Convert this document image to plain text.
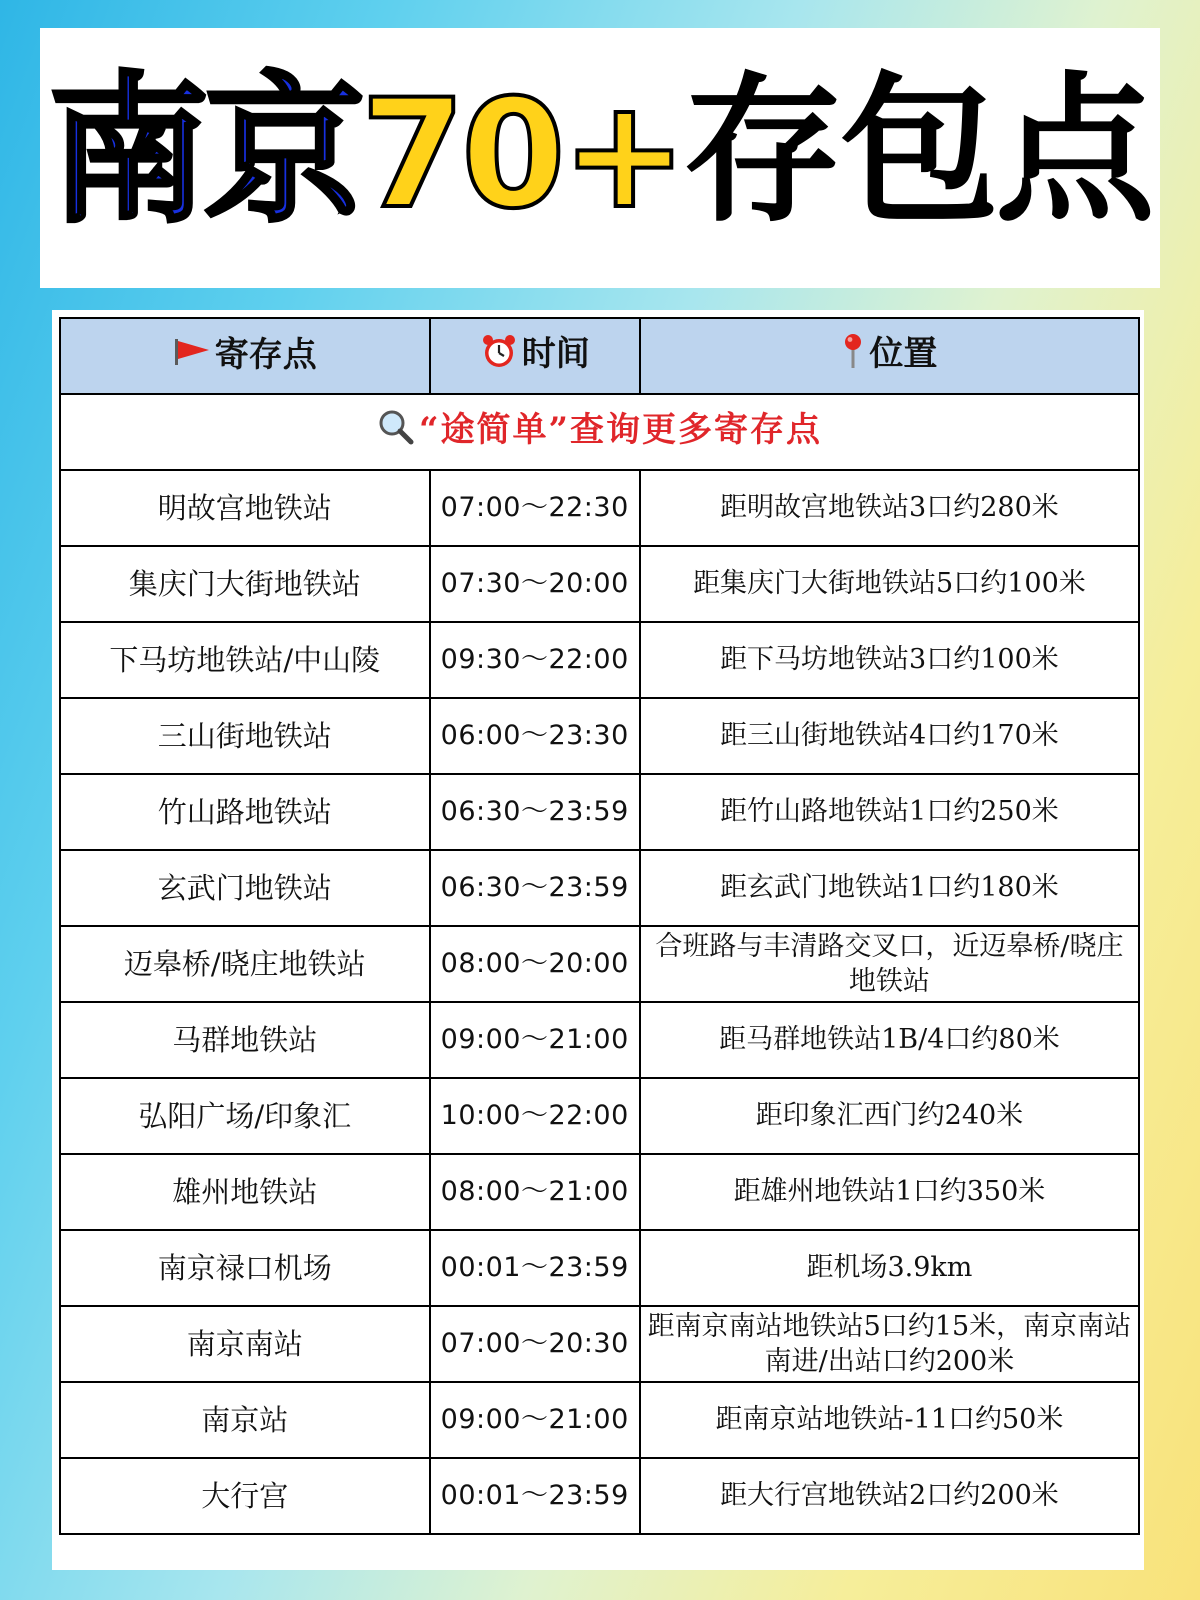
南京70+存包点
寄存点	时间	位置
“途简单”查询更多寄存点		
明故宫地铁站	07:00～22:30	距明故宫地铁站3口约280米
集庆门大街地铁站	07:30～20:00	距集庆门大街地铁站5口约100米
下马坊地铁站/中山陵	09:30～22:00	距下马坊地铁站3口约100米
三山街地铁站	06:00～23:30	距三山街地铁站4口约170米
竹山路地铁站	06:30～23:59	距竹山路地铁站1口约250米
玄武门地铁站	06:30～23:59	距玄武门地铁站1口约180米
迈皋桥/晓庄地铁站	08:00～20:00	合班路与丰清路交叉口，近迈皋桥/晓庄地铁站
马群地铁站	09:00～21:00	距马群地铁站1B/4口约80米
弘阳广场/印象汇	10:00～22:00	距印象汇西门约240米
雄州地铁站	08:00～21:00	距雄州地铁站1口约350米
南京禄口机场	00:01～23:59	距机场3.9km
南京南站	07:00～20:30	距南京南站地铁站5口约15米，南京南站南进/出站口约200米
南京站	09:00～21:00	距南京站地铁站-11口约50米
大行宫	00:01～23:59	距大行宫地铁站2口约200米
